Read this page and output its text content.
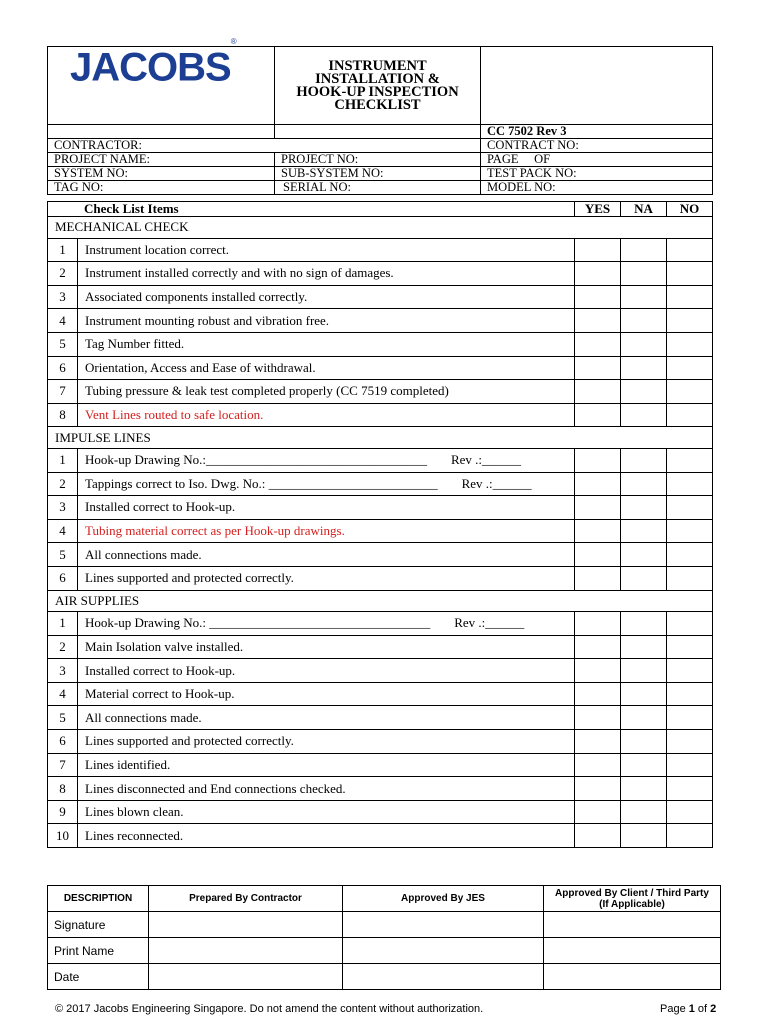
JACOBS®	INSTRUMENT
INSTALLATION &
HOOK-UP INSPECTION
CHECKLIST	

		CC 7502 Rev 3
CONTRACTOR:		CONTRACT NO:
PROJECT NAME:	PROJECT NO:	PAGE     OF
SYSTEM NO:	SUB-SYSTEM NO:	TEST PACK NO:
TAG NO:	SERIAL NO:	MODEL NO:
Check List Items		YES	NA	NO
MECHANICAL CHECK				
1	Instrument location correct.			
2	Instrument installed correctly and with no sign of damages.			
3	Associated components installed correctly.			
4	Instrument mounting robust and vibration free.			
5	Tag Number fitted.			
6	Orientation, Access and Ease of withdrawal.			
7	Tubing pressure & leak test completed properly (CC 7519 completed)			
8	Vent Lines routed to safe location.			
IMPULSE LINES				
1	Hook-up Drawing No.:__________________________________ Rev .:______			
2	Tappings correct to Iso. Dwg. No.: __________________________ Rev .:______			
3	Installed correct to Hook-up.			
4	Tubing material correct as per Hook-up drawings.			
5	All connections made.			
6	Lines supported and protected correctly.			
AIR SUPPLIES				
1	Hook-up Drawing No.: __________________________________ Rev .:______			
2	Main Isolation valve installed.			
3	Installed correct to Hook-up.			
4	Material correct to Hook-up.			
5	All connections made.			
6	Lines supported and protected correctly.			
7	Lines identified.			
8	Lines disconnected and End connections checked.			
9	Lines blown clean.			
10	Lines reconnected.			
DESCRIPTION	Prepared By Contractor	Approved By JES	Approved By Client / Third Party
(If Applicable)

Signature			
Print Name			
Date			
© 2017 Jacobs Engineering Singapore. Do not amend the content without authorization.	Page 1 of 2
